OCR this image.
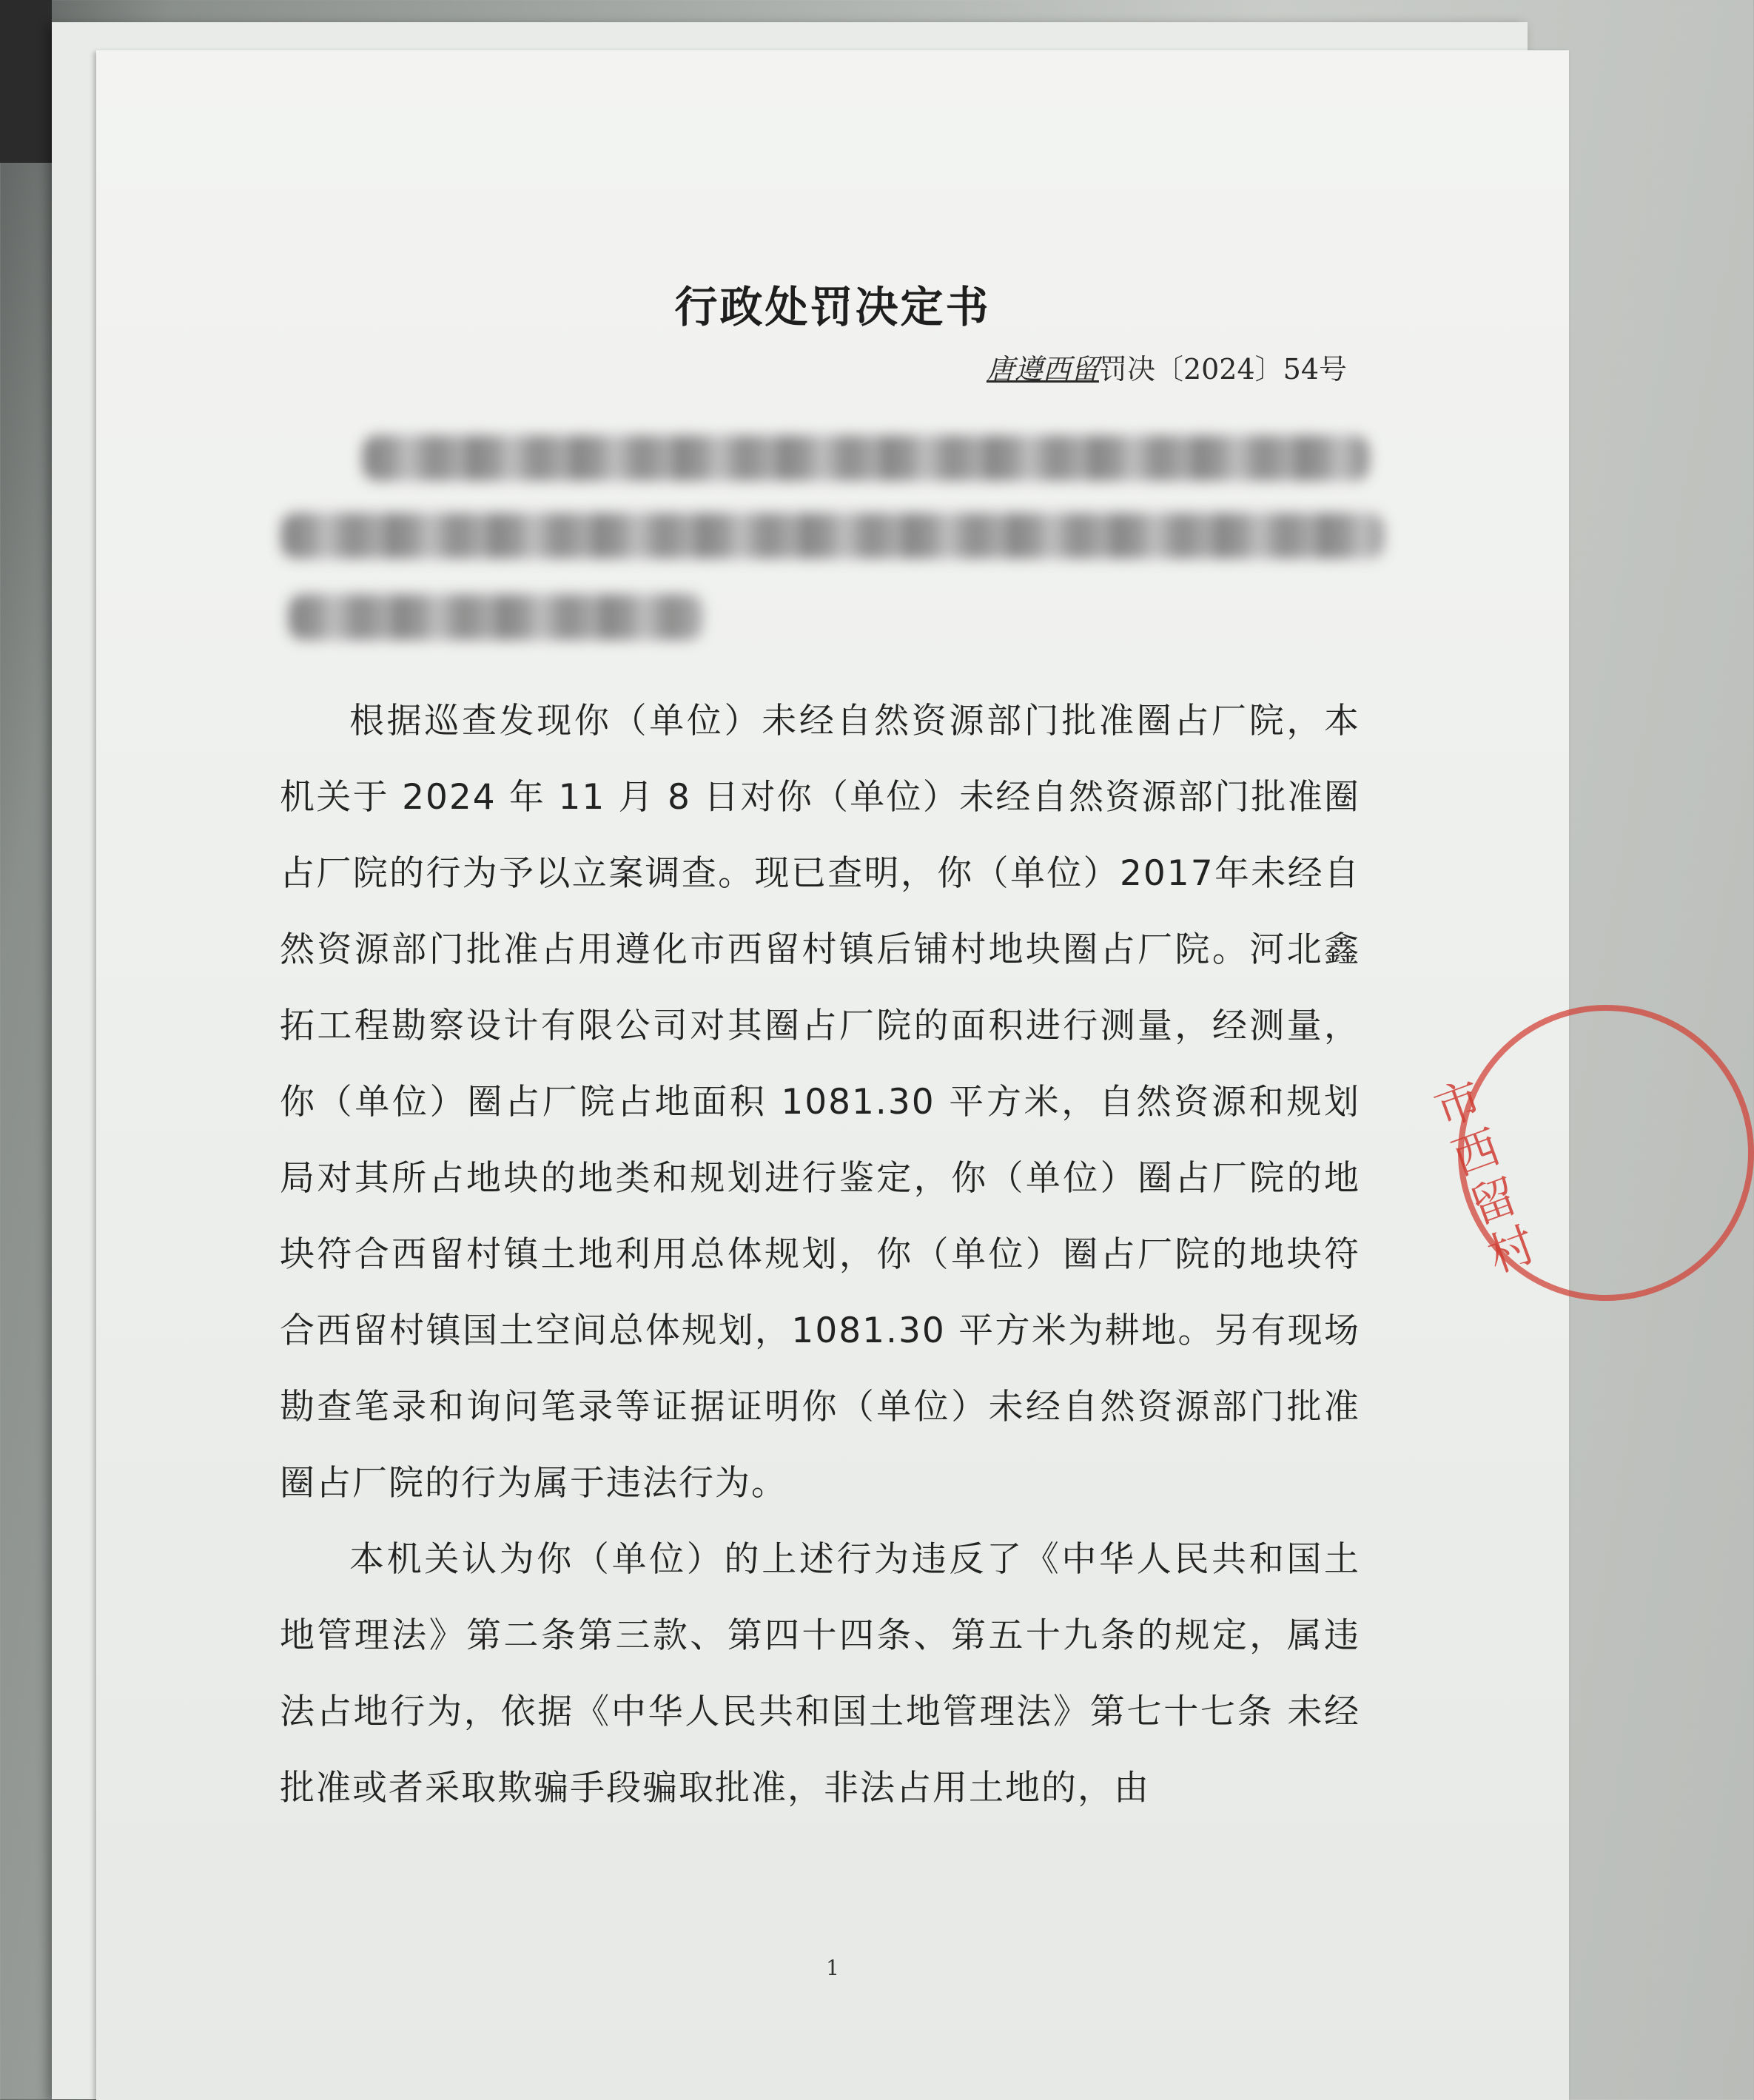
行政处罚决定书
唐遵西留罚决〔2024〕54号

根据巡查发现你（单位）未经自然资源部门批准圈占厂院，本机关于 2024 年 11 月 8 日对你（单位）未经自然资源部门批准圈占厂院的行为予以立案调查。现已查明，你（单位）2017年未经自然资源部门批准占用遵化市西留村镇后铺村地块圈占厂院。河北鑫拓工程勘察设计有限公司对其圈占厂院的面积进行测量，经测量，你（单位）圈占厂院占地面积 1081.30 平方米，自然资源和规划局对其所占地块的地类和规划进行鉴定，你（单位）圈占厂院的地块符合西留村镇土地利用总体规划，你（单位）圈占厂院的地块符合西留村镇国土空间总体规划，1081.30 平方米为耕地。另有现场勘查笔录和询问笔录等证据证明你（单位）未经自然资源部门批准圈占厂院的行为属于违法行为。

本机关认为你（单位）的上述行为违反了《中华人民共和国土地管理法》第二条第三款、第四十四条、第五十九条的规定，属违法占地行为，依据《中华人民共和国土地管理法》第七十七条 未经批准或者采取欺骗手段骗取批准，非法占用土地的，由

1
市西留村
